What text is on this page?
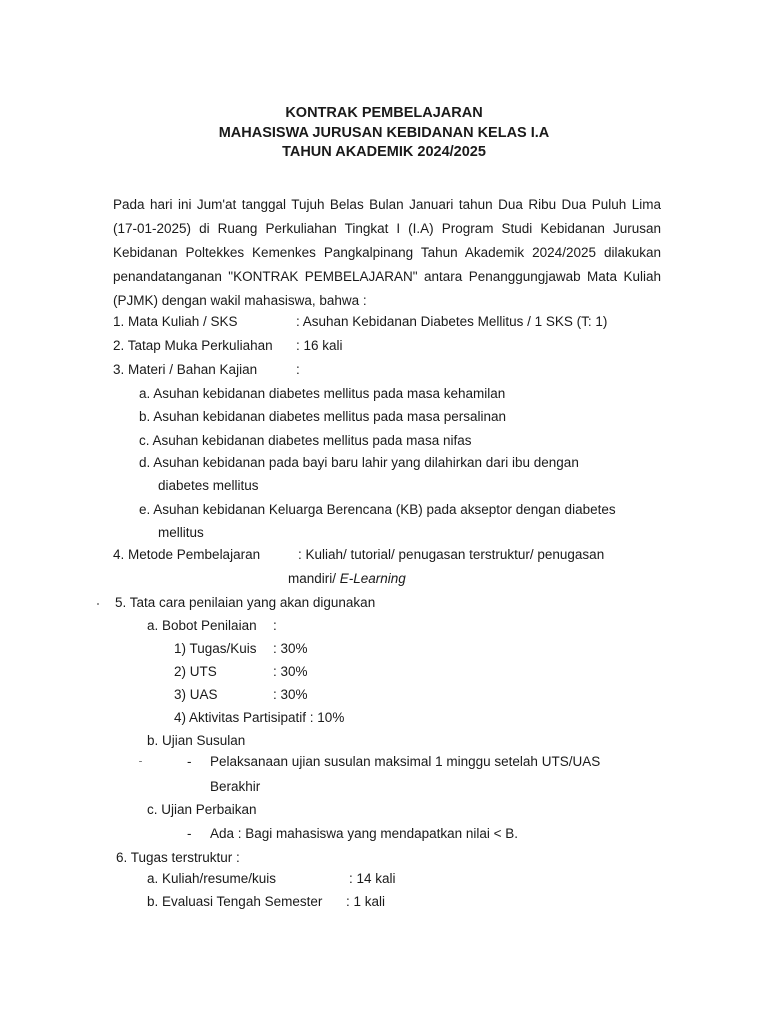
KONTRAK PEMBELAJARAN
MAHASISWA JURUSAN KEBIDANAN KELAS I.A
TAHUN AKADEMIK 2024/2025
Pada hari ini Jum'at tanggal Tujuh Belas Bulan Januari tahun Dua Ribu Dua Puluh Lima (17-01-2025) di Ruang Perkuliahan Tingkat I (I.A) Program Studi Kebidanan Jurusan Kebidanan Poltekkes Kemenkes Pangkalpinang Tahun Akademik 2024/2025 dilakukan penandatanganan "KONTRAK PEMBELAJARAN" antara Penanggungjawab Mata Kuliah (PJMK) dengan wakil mahasiswa, bahwa :
1. Mata Kuliah / SKS	: Asuhan Kebidanan Diabetes Mellitus / 1 SKS (T: 1)
2. Tatap Muka Perkuliahan : 16 kali
3. Materi / Bahan Kajian	:
a. Asuhan kebidanan diabetes mellitus pada masa kehamilan
b. Asuhan kebidanan diabetes mellitus pada masa persalinan
c. Asuhan kebidanan diabetes mellitus pada masa nifas
d. Asuhan kebidanan pada bayi baru lahir yang dilahirkan dari ibu dengan
diabetes mellitus
e. Asuhan kebidanan Keluarga Berencana (KB) pada akseptor dengan diabetes
mellitus
4. Metode Pembelajaran	: Kuliah/ tutorial/ penugasan terstruktur/ penugasan
mandiri/ E-Learning
5. Tata cara penilaian yang akan digunakan
a. Bobot Penilaian :
1) Tugas/Kuis : 30%
2) UTS	: 30%
3) UAS	: 30%
4) Aktivitas Partisipatif : 10%
b. Ujian Susulan
- Pelaksanaan ujian susulan maksimal 1 minggu setelah UTS/UAS
Berakhir
c. Ujian Perbaikan
- Ada : Bagi mahasiswa yang mendapatkan nilai < B.
6. Tugas terstruktur :
a. Kuliah/resume/kuis	: 14 kali
b. Evaluasi Tengah Semester : 1 kali
